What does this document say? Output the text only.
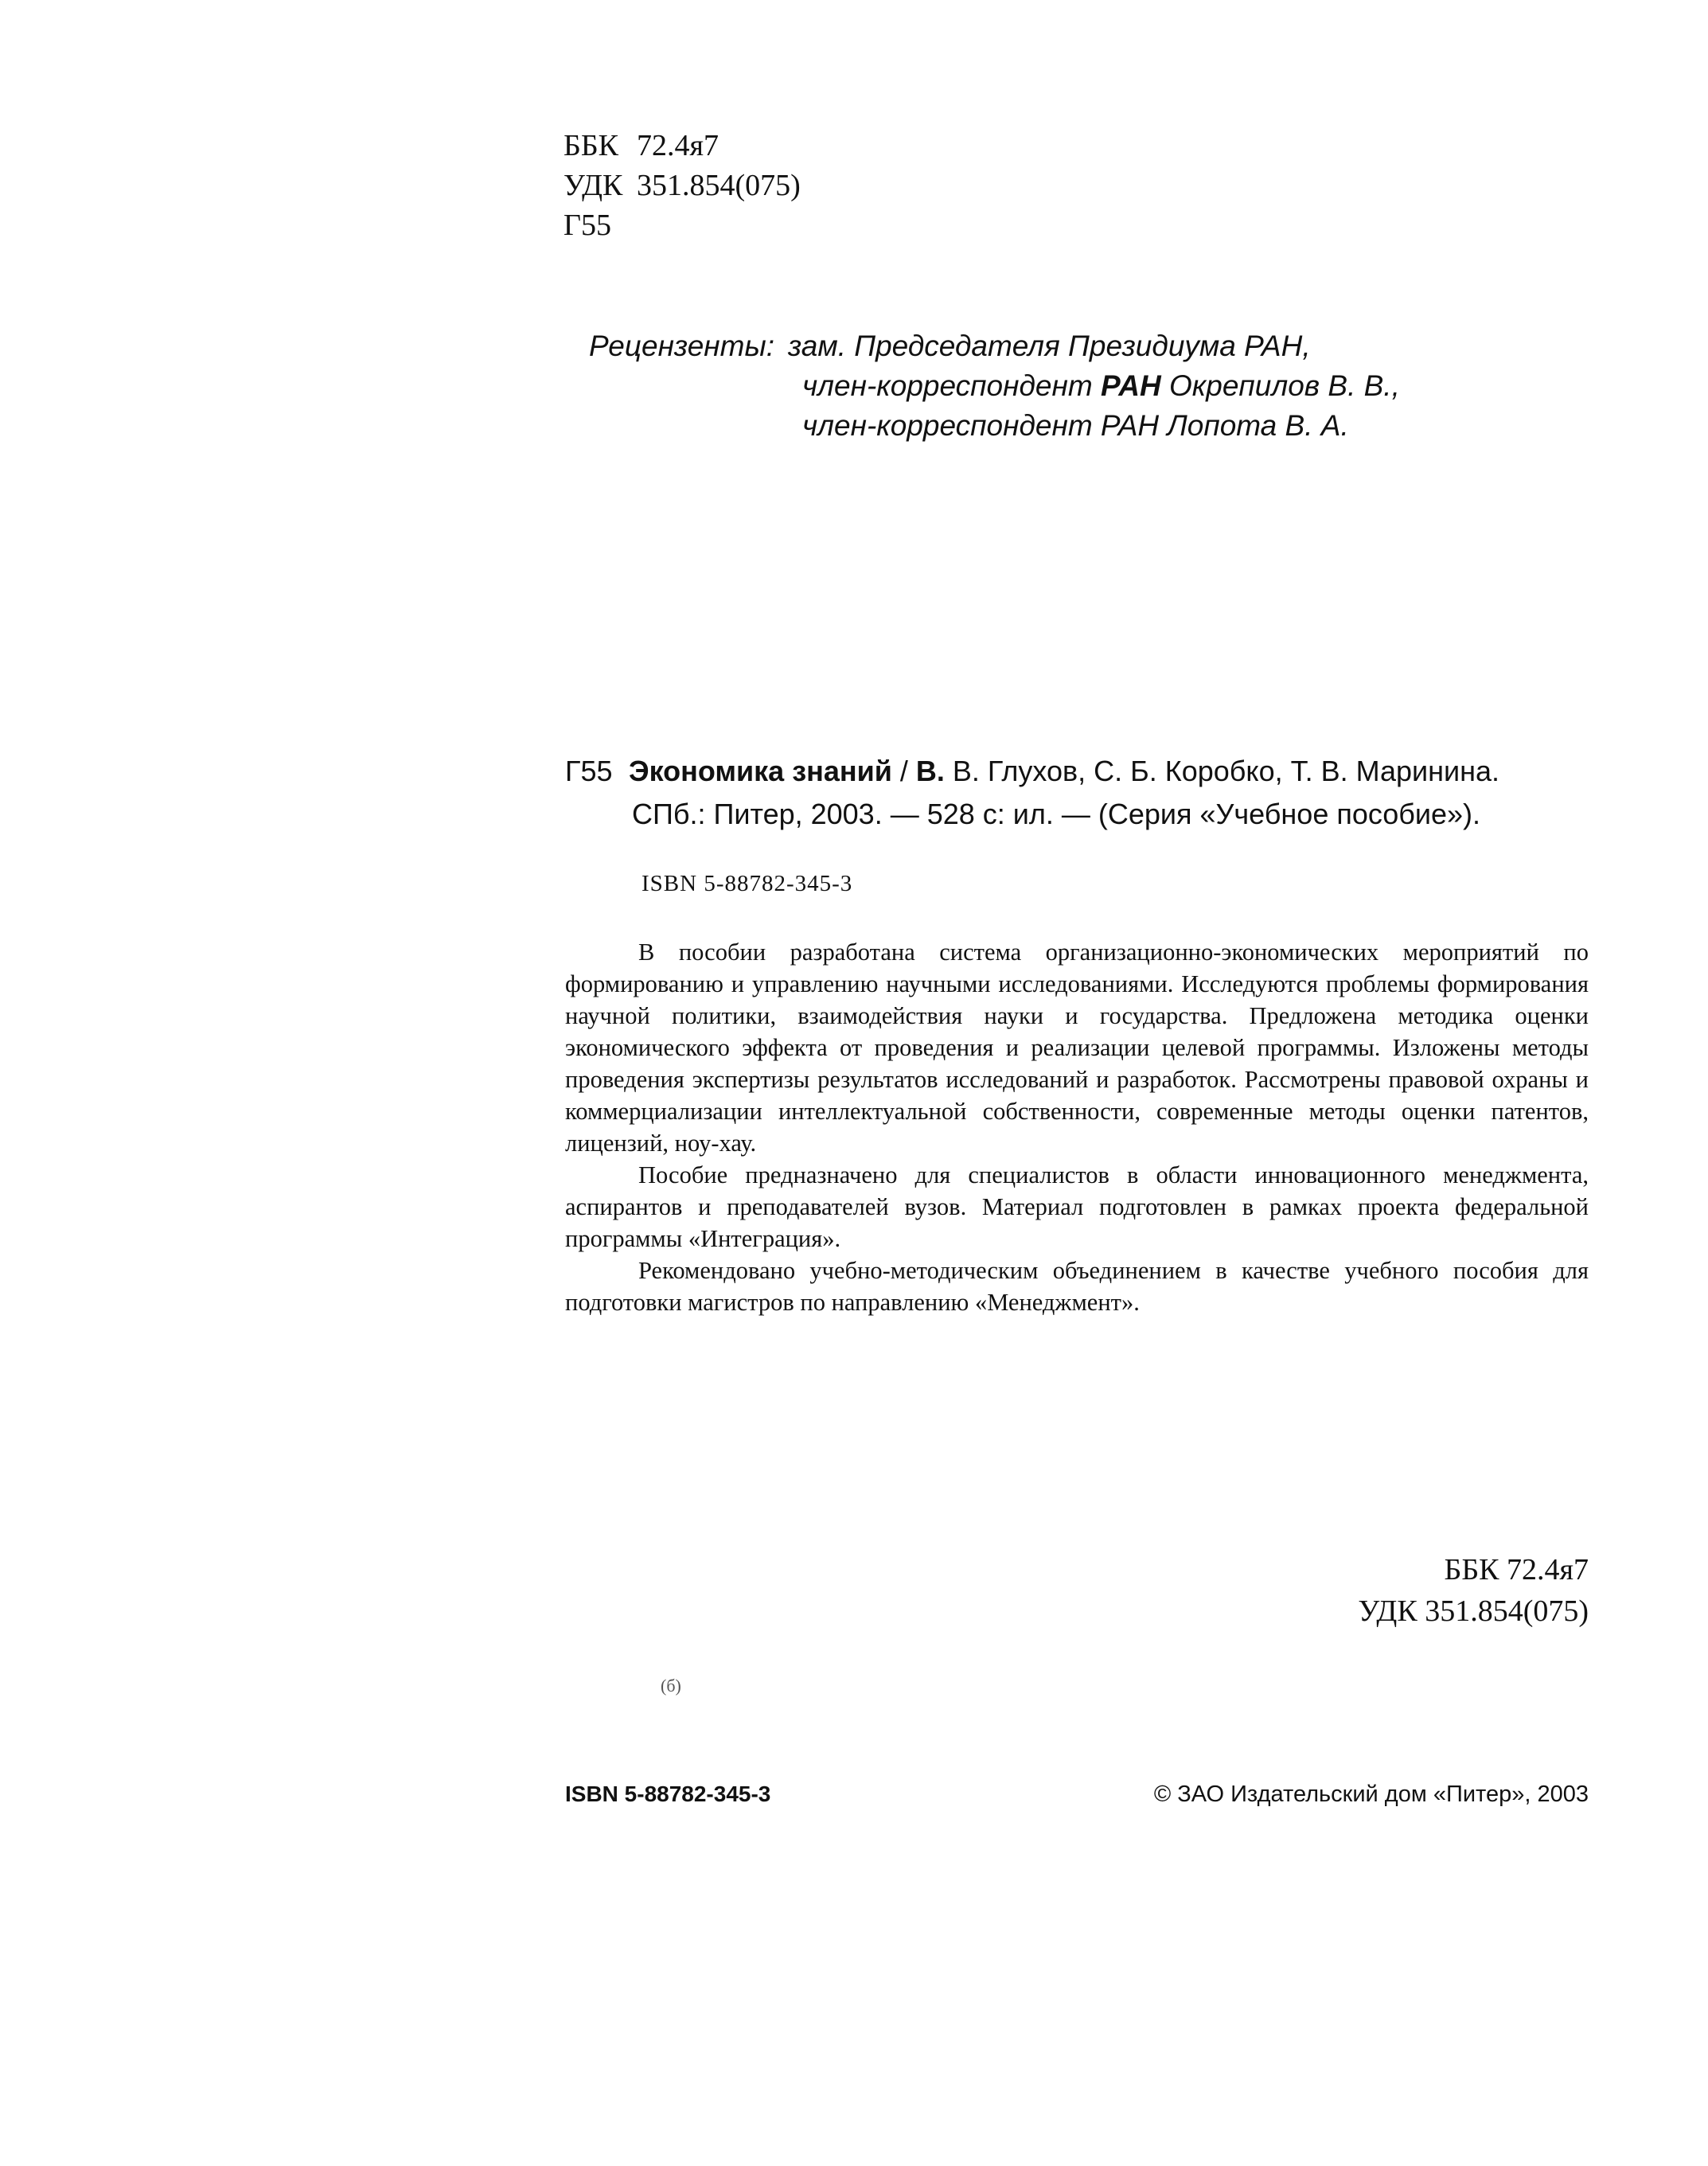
ББК 72.4я7
УДК 351.854(075)
Г55
Рецензенты: зам. Председателя Президиума РАН,
член-корреспондент РАН Окрепилов В. В.,
член-корреспондент РАН Лопота В. А.
Г55 Экономика знаний / В. В. Глухов, С. Б. Коробко, Т. В. Маринина.
СПб.: Питер, 2003. — 528 с: ил. — (Серия «Учебное пособие»).
ISBN 5-88782-345-3

В пособии разработана система организационно-экономических мероприятий по формированию и управлению научными исследованиями. Исследуются проблемы формирования научной политики, взаимодействия науки и государства. Предложена методика оценки экономического эффекта от проведения и реализации целевой программы. Изложены методы проведения экспертизы результатов исследований и разработок. Рассмотрены правовой охраны и коммерциализации интеллектуальной собственности, современные методы оценки патентов, лицензий, ноу-хау.

Пособие предназначено для специалистов в области инновационного менеджмента, аспирантов и преподавателей вузов. Материал подготовлен в рамках проекта федеральной программы «Интеграция».

Рекомендовано учебно-методическим объединением в качестве учебного пособия для подготовки магистров по направлению «Менеджмент».

ББК 72.4я7
УДК 351.854(075)
(б)
ISBN 5-88782-345-3	© ЗАО Издательский дом «Питер», 2003
